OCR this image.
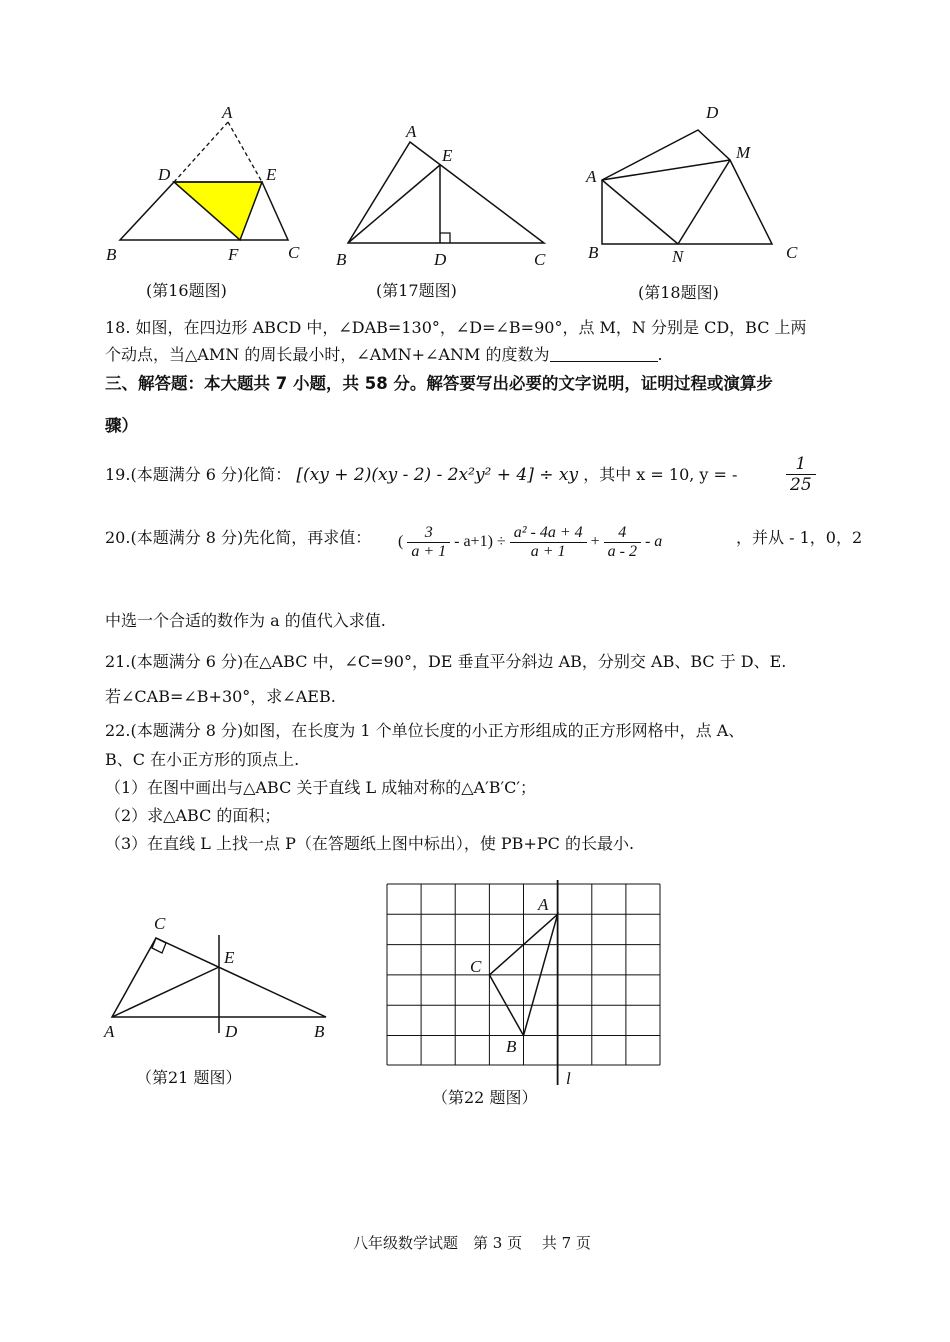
A
D	E
B	F	C
(第16题图)
A
E
B	D	C
(第17题图)
D
M
A
B	N	C
(第18题图)
18. 如图，在四边形 ABCD 中，∠DAB=130°，∠D=∠B=90°，点 M，N 分别是 CD，BC 上两
个动点，当△AMN 的周长最小时，∠AMN+∠ANM 的度数为	.
三、解答题：本大题共 7 小题，共 58 分。解答要写出必要的文字说明，证明过程或演算步
骤）
19.(本题满分 6 分)化简： [(xy + 2)(xy - 2) - 2x²y² + 4] ÷ xy ，其中 x = 10, y = -	$\frac{1}{25}$
20.(本题满分 8 分)先化简，再求值： ( $\frac{3}{a + 1} - a+1) \div \frac{\text{a² - 4a + 4}}{a + 1} + \frac{4}{a - 2} - a$	，并从 - 1，0，2
中选一个合适的数作为 a 的值代入求值.
21.(本题满分 6 分)在△ABC 中，∠C=90°，DE 垂直平分斜边 AB，分别交 AB、BC 于 D、E.
若∠CAB=∠B+30°，求∠AEB.
22.(本题满分 8 分)如图，在长度为 1 个单位长度的小正方形组成的正方形网格中，点 A、
B、C 在小正方形的顶点上.
（1）在图中画出与△ABC 关于直线 L 成轴对称的△A′B′C′；
（2）求△ABC 的面积；
（3）在直线 L 上找一点 P（在答题纸上图中标出），使 PB+PC 的长最小.
C
E
A	D	B
（第21 题图）
A
C
B
l
（第22 题图）
八年级数学试题　第 3 页　 共 7 页
